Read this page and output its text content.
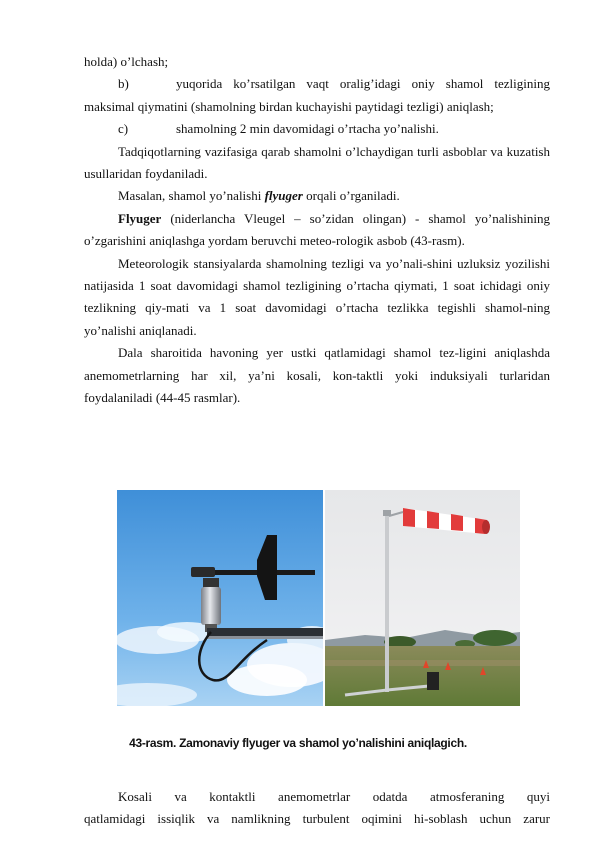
holda) o’lchash;

b)	yuqorida ko’rsatilgan vaqt oralig’idagi oniy shamol tezligining

maksimal qiymatini (shamolning birdan kuchayishi paytidagi tezligi) aniqlash;

c)	shamolning 2 min davomidagi o’rtacha yo’nalishi.

Tadqiqotlarning vazifasiga qarab shamolni o’lchaydigan turli asboblar va kuzatish usullaridan foydaniladi.

Masalan, shamol yo’nalishi flyuger orqali o’rganiladi.

Flyuger (niderlancha Vleugel – so’zidan olingan) - shamol yo’nalishining o’zgarishini aniqlashga yordam beruvchi meteo-rologik asbob (43-rasm).

Meteorologik stansiyalarda shamolning tezligi va yo’nali-shini uzluksiz yozilishi natijasida 1 soat davomidagi shamol tezligining o’rtacha qiymati, 1 soat ichidagi oniy tezlikning qiy-mati va 1 soat davomidagi o’rtacha tezlikka tegishli shamol-ning yo’nalishi aniqlanadi.

Dala sharoitida havoning yer ustki qatlamidagi shamol tez-ligini aniqlashda anemometrlarning har xil, ya’ni kosali, kon-taktli yoki induksiyali turlaridan foydalaniladi (44-45 rasmlar).

43-rasm. Zamonaviy flyuger va shamol yo’nalishini aniqlagich.

Kosali va kontaktli anemometrlar odatda atmosferaning quyi

qatlamidagi issiqlik va namlikning turbulent oqimini hi-soblash uchun zarur
